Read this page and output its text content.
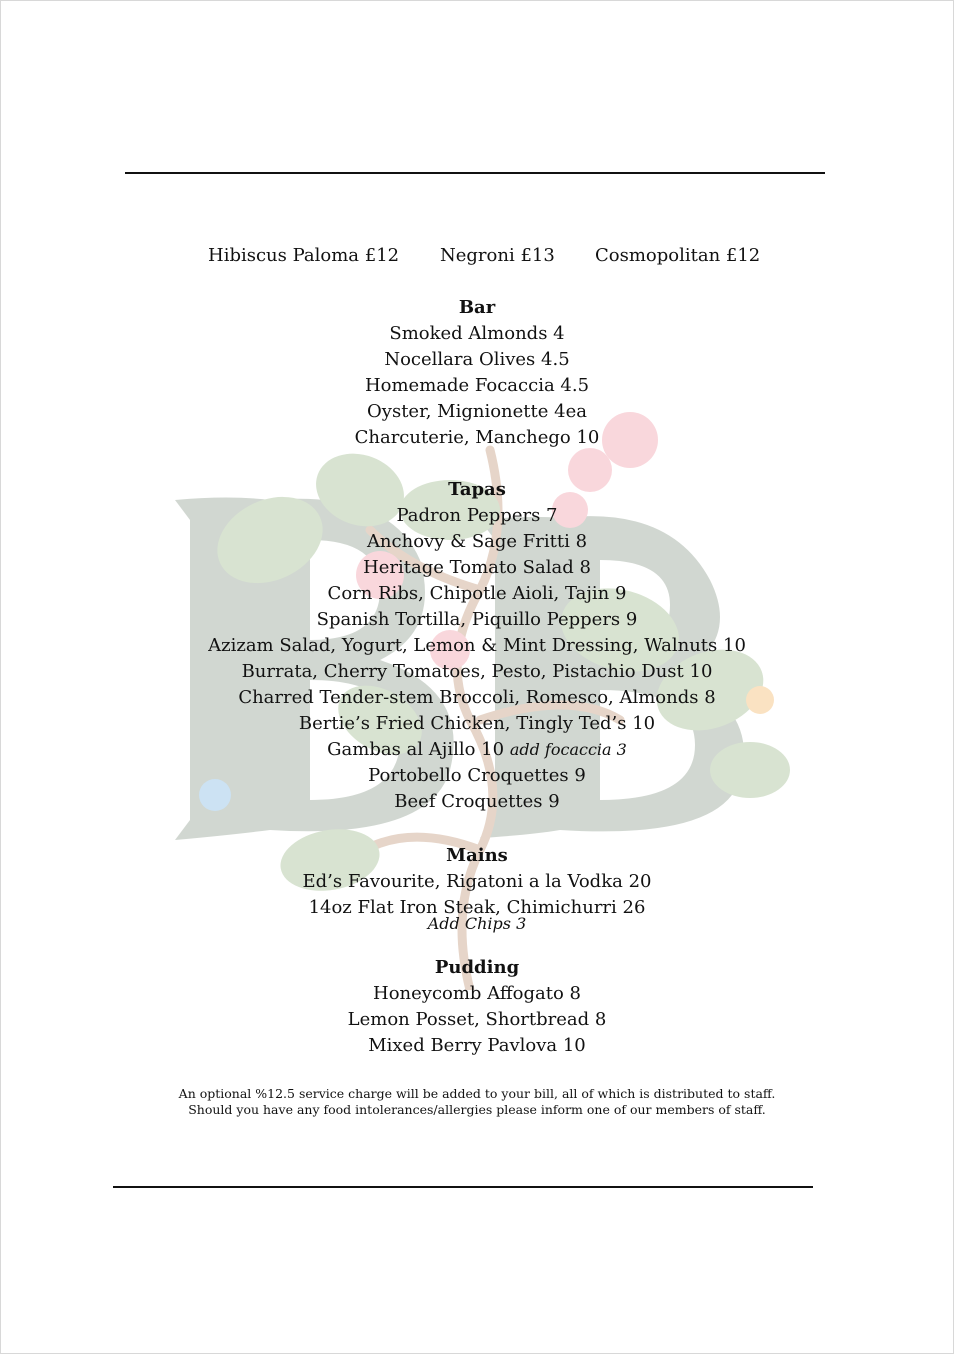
Hibiscus Paloma £12 Negroni £13 Cosmopolitan £12
Bar
Smoked Almonds 4
Nocellara Olives 4.5
Homemade Focaccia 4.5
Oyster, Mignionette 4ea
Charcuterie, Manchego 10
Tapas
Padron Peppers 7
Anchovy & Sage Fritti 8
Heritage Tomato Salad 8
Corn Ribs, Chipotle Aioli, Tajin 9
Spanish Tortilla, Piquillo Peppers 9
Azizam Salad, Yogurt, Lemon & Mint Dressing, Walnuts 10
Burrata, Cherry Tomatoes, Pesto, Pistachio Dust 10
Charred Tender-stem Broccoli, Romesco, Almonds 8
Bertie’s Fried Chicken, Tingly Ted’s 10
Gambas al Ajillo 10 add focaccia 3
Portobello Croquettes 9
Beef Croquettes 9
Mains
Ed’s Favourite, Rigatoni a la Vodka 20
14oz Flat Iron Steak, Chimichurri 26
Add Chips 3
Pudding
Honeycomb Affogato 8
Lemon Posset, Shortbread 8
Mixed Berry Pavlova 10
An optional %12.5 service charge will be added to your bill, all of which is distributed to staff.
Should you have any food intolerances/allergies please inform one of our members of staff.
